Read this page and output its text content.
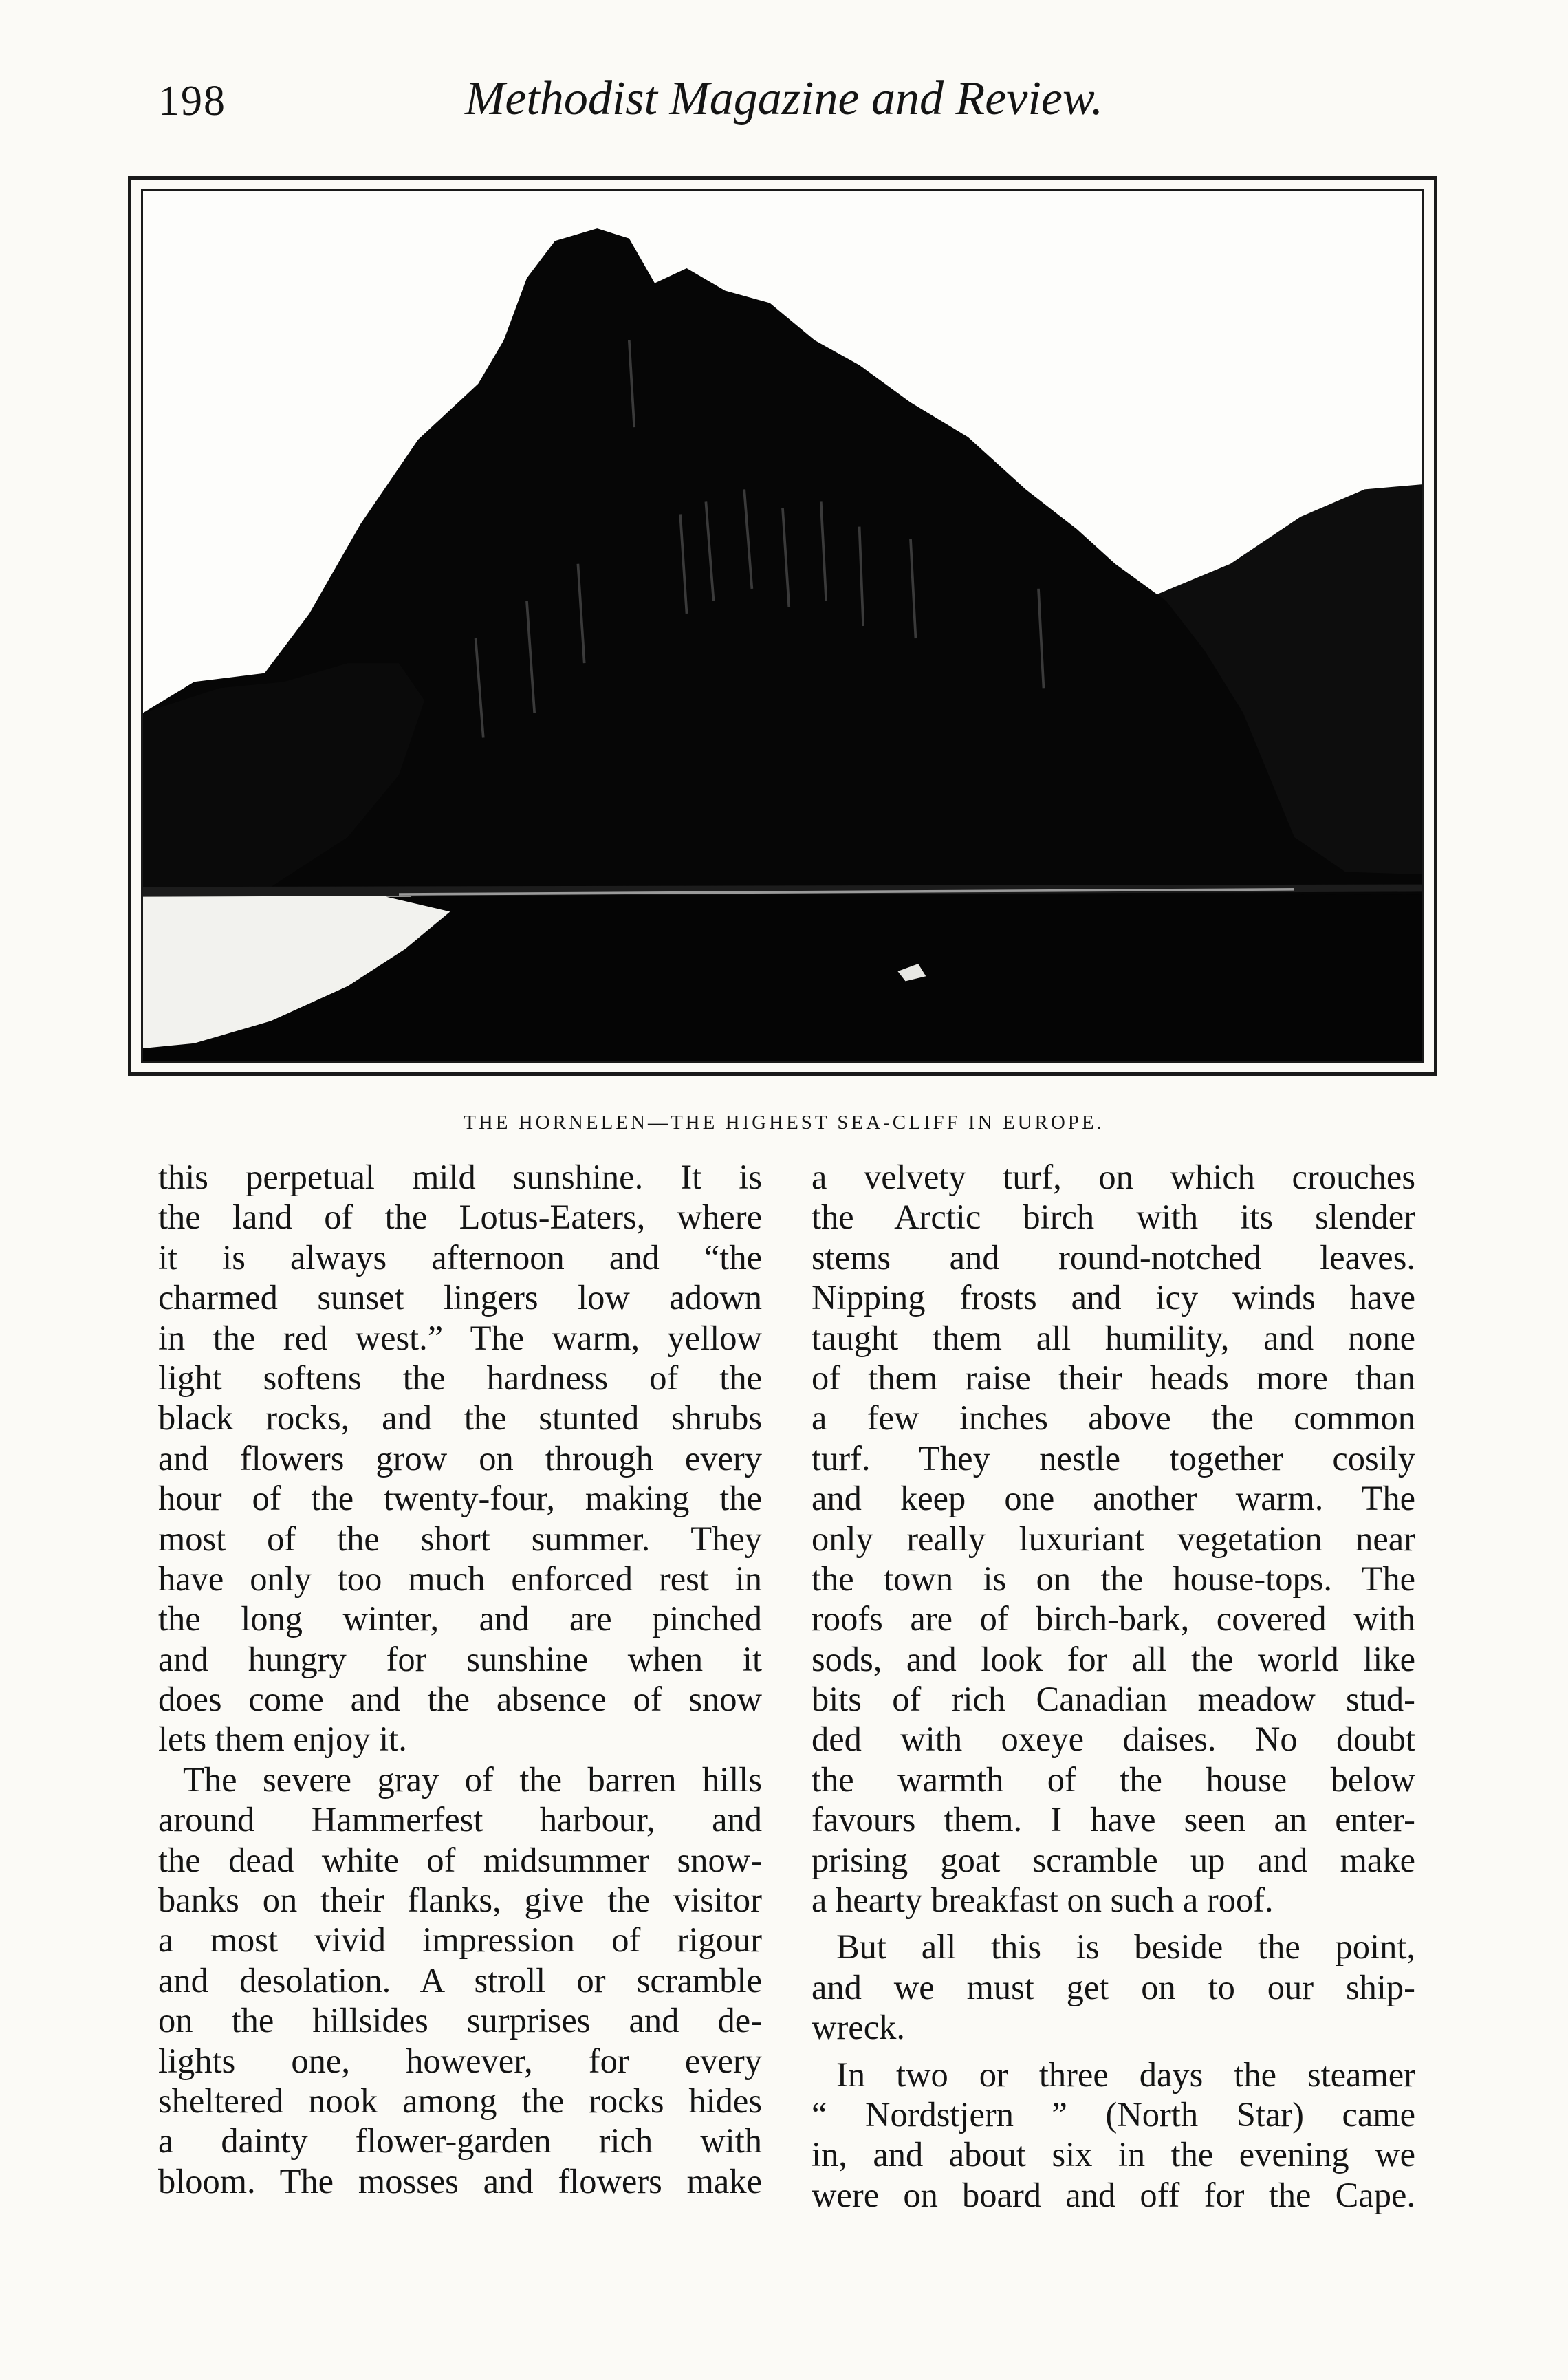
198	Methodist Magazine and Review.
THE HORNELEN—THE HIGHEST SEA-CLIFF IN EUROPE.
this perpetual mild sunshine. It is
the land of the Lotus-Eaters, where
it is always afternoon and “the
charmed sunset lingers low adown
in the red west.” The warm, yellow
light softens the hardness of the
black rocks, and the stunted shrubs
and flowers grow on through every
hour of the twenty-four, making the
most of the short summer. They
have only too much enforced rest in
the long winter, and are pinched
and hungry for sunshine when it
does come and the absence of snow
lets them enjoy it.
The severe gray of the barren hills
around Hammerfest harbour, and
the dead white of midsummer snow-
banks on their flanks, give the visitor
a most vivid impression of rigour
and desolation. A stroll or scramble
on the hillsides surprises and de-
lights one, however, for every
sheltered nook among the rocks hides
a dainty flower-garden rich with
bloom. The mosses and flowers make
a velvety turf, on which crouches
the Arctic birch with its slender
stems and round-notched leaves.
Nipping frosts and icy winds have
taught them all humility, and none
of them raise their heads more than
a few inches above the common
turf. They nestle together cosily
and keep one another warm. The
only really luxuriant vegetation near
the town is on the house-tops. The
roofs are of birch-bark, covered with
sods, and look for all the world like
bits of rich Canadian meadow stud-
ded with oxeye daises. No doubt
the warmth of the house below
favours them. I have seen an enter-
prising goat scramble up and make
a hearty breakfast on such a roof.
But all this is beside the point,
and we must get on to our ship-
wreck.
In two or three days the steamer
“ Nordstjern ” (North Star) came
in, and about six in the evening we
were on board and off for the Cape.
